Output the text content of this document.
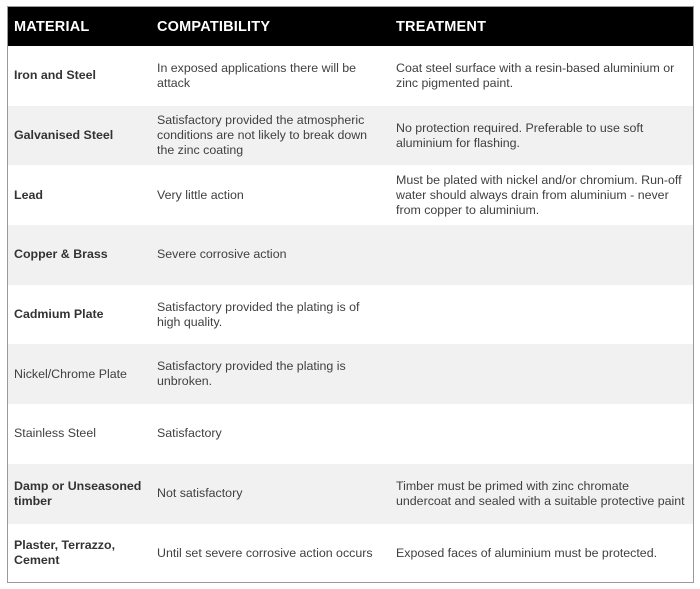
MATERIAL	COMPATIBILITY	TREATMENT
Iron and Steel	In exposed applications there will be attack	Coat steel surface with a resin-based aluminium or zinc pigmented paint.
Galvanised Steel	Satisfactory provided the atmospheric conditions are not likely to break down the zinc coating	No protection required. Preferable to use soft aluminium for flashing.
Lead	Very little action	Must be plated with nickel and/or chromium. Run-off water should always drain from aluminium - never from copper to aluminium.
Copper & Brass	Severe corrosive action	
Cadmium Plate	Satisfactory provided the plating is of high quality.	
Nickel/Chrome Plate	Satisfactory provided the plating is unbroken.	
Stainless Steel	Satisfactory	
Damp or Unseasoned timber	Not satisfactory	Timber must be primed with zinc chromate undercoat and sealed with a suitable protective paint
Plaster, Terrazzo, Cement	Until set severe corrosive action occurs	Exposed faces of aluminium must be protected.
